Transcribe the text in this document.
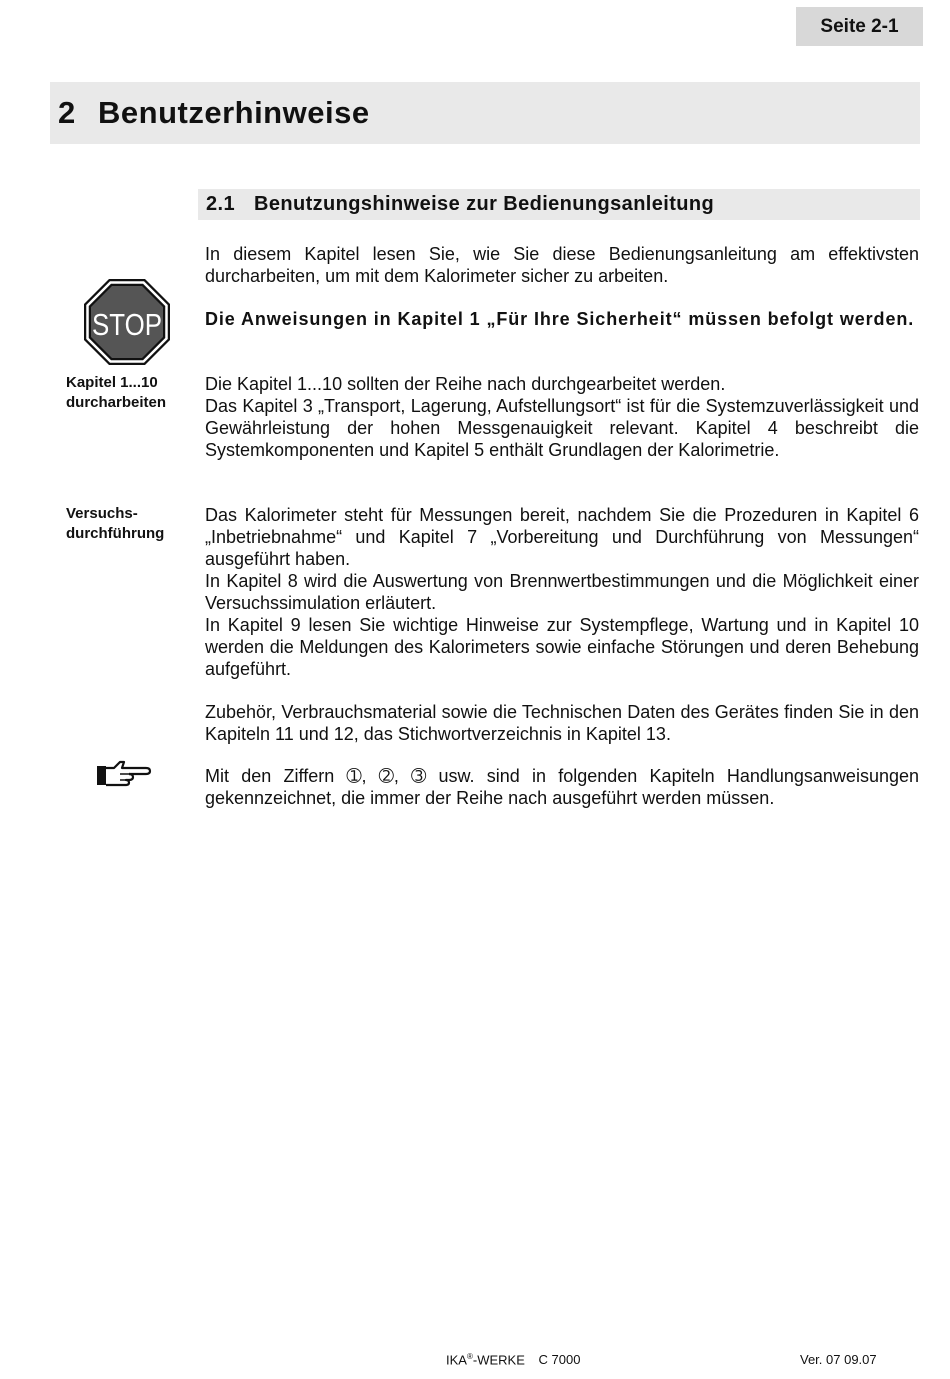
Seite 2-1
2 Benutzerhinweise
2.1 Benutzungshinweise zur Bedienungsanleitung

In diesem Kapitel lesen Sie, wie Sie diese Bedienungsanleitung am effektivsten durcharbeiten, um mit dem Kalorimeter sicher zu arbeiten.

STOP Die Anweisungen in Kapitel 1 „Für Ihre Sicherheit“ müssen befolgt werden.

Kapitel 1...10
durcharbeiten

Die Kapitel 1...10 sollten der Reihe nach durchgearbeitet werden.

Das Kapitel 3 „Transport, Lagerung, Aufstellungsort“ ist für die Systemzuverlässigkeit und Gewährleistung der hohen Messgenauigkeit relevant. Kapitel 4 beschreibt die Systemkomponenten und Kapitel 5 enthält Grundlagen der Kalorimetrie.

Versuchs-
durchführung

Das Kalorimeter steht für Messungen bereit, nachdem Sie die Prozeduren in Kapitel 6 „Inbetriebnahme“ und Kapitel 7 „Vorbereitung und Durchführung von Messungen“ ausgeführt haben.

In Kapitel 8 wird die Auswertung von Brennwertbestimmungen und die Möglichkeit einer Versuchssimulation erläutert.

In Kapitel 9 lesen Sie wichtige Hinweise zur Systempflege, Wartung und in Kapitel 10 werden die Meldungen des Kalorimeters sowie einfache Störungen und deren Behebung aufgeführt.

Zubehör, Verbrauchsmaterial sowie die Technischen Daten des Gerätes finden Sie in den Kapiteln 11 und 12, das Stichwortverzeichnis in Kapitel 13.

Mit den Ziffern ➀, ➁, ➂ usw. sind in folgenden Kapiteln Handlungsanweisungen gekennzeichnet, die immer der Reihe nach ausgeführt werden müssen.

IKA®-WERKE C 7000	Ver. 07 09.07
